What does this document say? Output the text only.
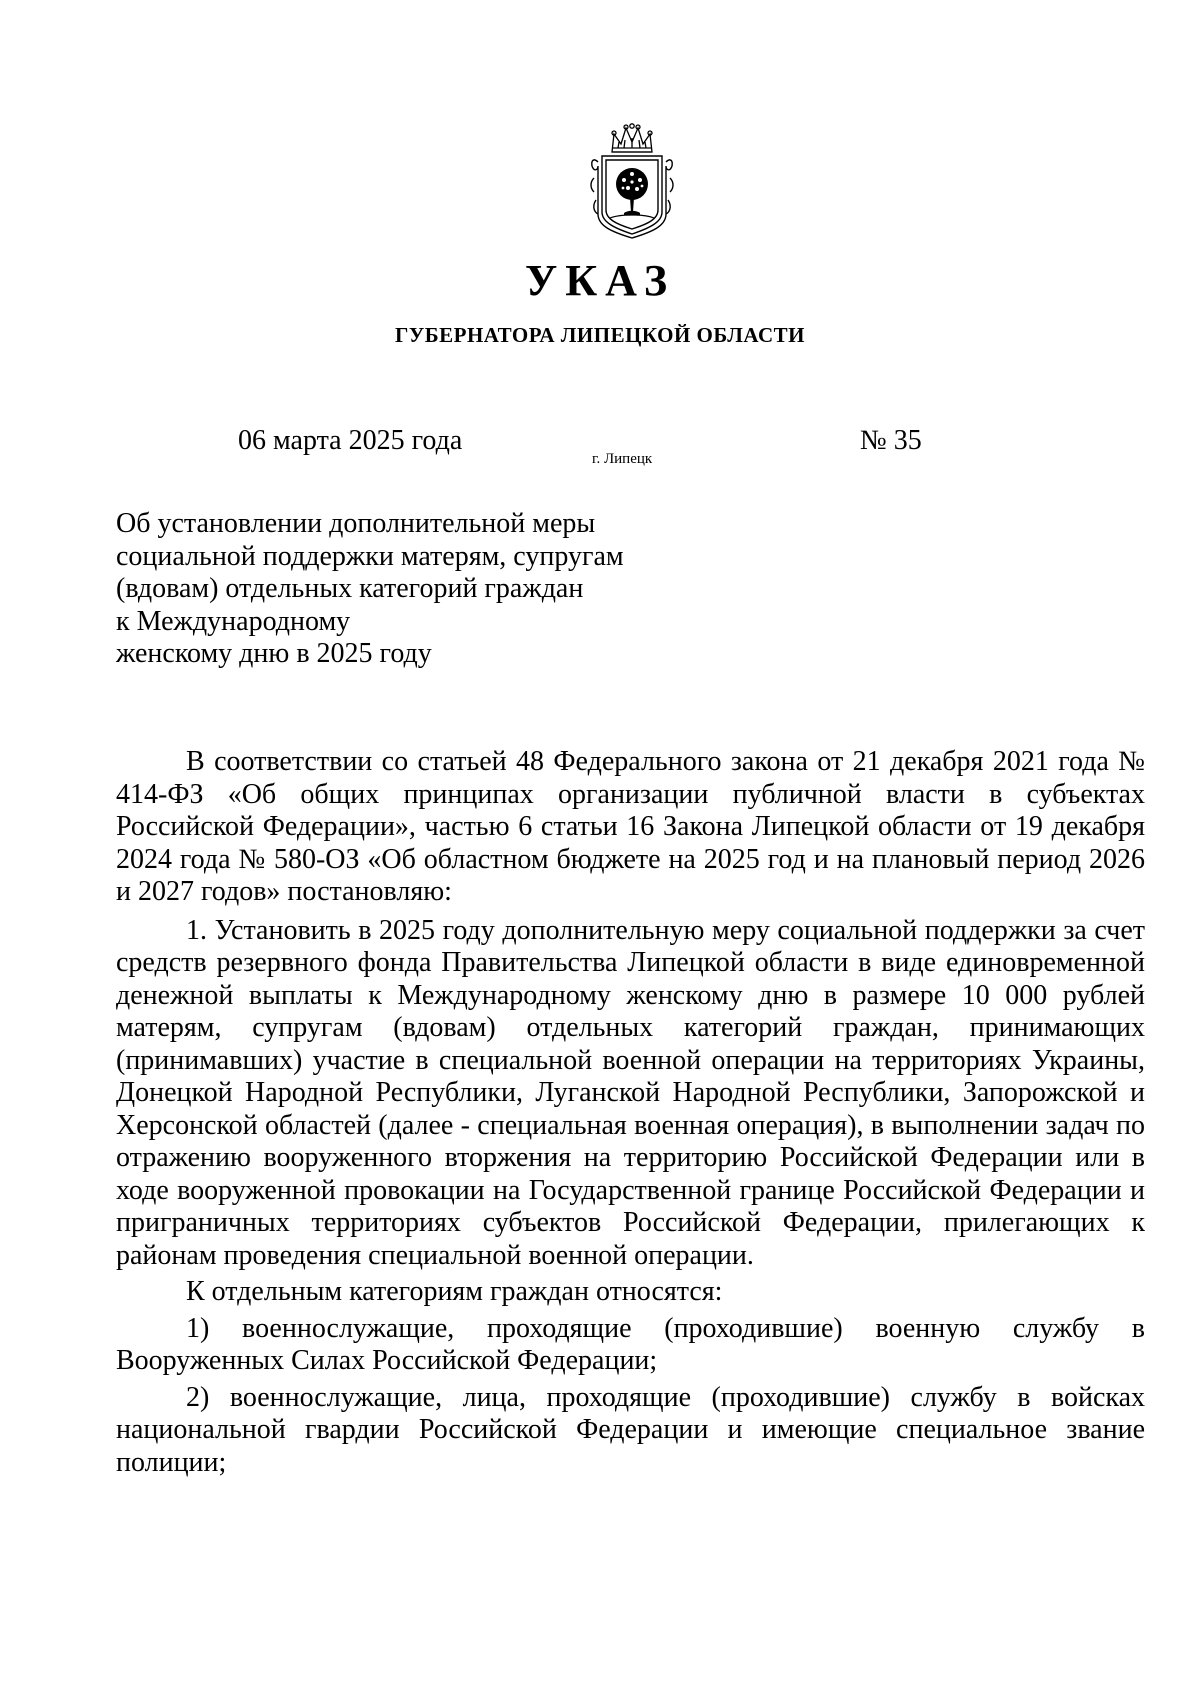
УКАЗ
ГУБЕРНАТОРА ЛИПЕЦКОЙ ОБЛАСТИ
06 марта 2025 года
г. Липецк
№ 35
Об установлении дополнительной меры
социальной поддержки матерям, супругам
(вдовам) отдельных категорий граждан
к Международному
женскому дню в 2025 году

В соответствии со статьей 48 Федерального закона от 21 декабря 2021 года № 414-ФЗ «Об общих принципах организации публичной власти в субъектах Российской Федерации», частью 6 статьи 16 Закона Липецкой области от 19 декабря 2024 года № 580-ОЗ «Об областном бюджете на 2025 год и на плановый период 2026 и 2027 годов» постановляю:

1. Установить в 2025 году дополнительную меру социальной поддержки за счет средств резервного фонда Правительства Липецкой области в виде единовременной денежной выплаты к Международному женскому дню в размере 10 000 рублей матерям, супругам (вдовам) отдельных категорий граждан, принимающих (принимавших) участие в специальной военной операции на территориях Украины, Донецкой Народной Республики, Луганской Народной Республики, Запорожской и Херсонской областей (далее - специальная военная операция), в выполнении задач по отражению вооруженного вторжения на территорию Российской Федерации или в ходе вооруженной провокации на Государственной границе Российской Федерации и приграничных территориях субъектов Российской Федерации, прилегающих к районам проведения специальной военной операции.

К отдельным категориям граждан относятся:

1) военнослужащие, проходящие (проходившие) военную службу в Вооруженных Силах Российской Федерации;

2) военнослужащие, лица, проходящие (проходившие) службу в войсках национальной гвардии Российской Федерации и имеющие специальное звание полиции;
